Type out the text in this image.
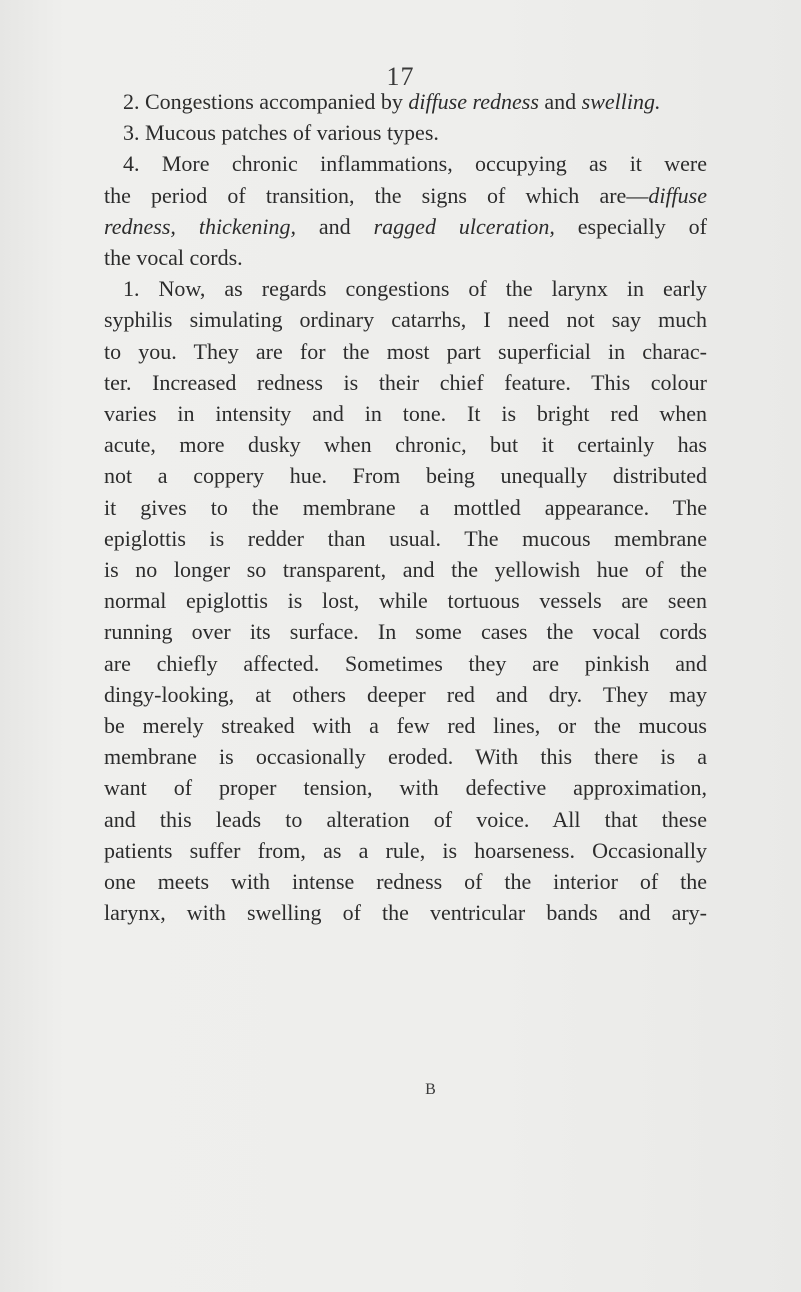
17
2. Congestions accompanied by diffuse redness and swelling.
3. Mucous patches of various types.
4. More chronic inflammations, occupying as it were
the period of transition, the signs of which are—diffuse
redness, thickening, and ragged ulceration, especially of
the vocal cords.
1. Now, as regards congestions of the larynx in early
syphilis simulating ordinary catarrhs, I need not say much
to you. They are for the most part superficial in charac-
ter. Increased redness is their chief feature. This colour
varies in intensity and in tone. It is bright red when
acute, more dusky when chronic, but it certainly has
not a coppery hue. From being unequally distributed
it gives to the membrane a mottled appearance. The
epiglottis is redder than usual. The mucous membrane
is no longer so transparent, and the yellowish hue of the
normal epiglottis is lost, while tortuous vessels are seen
running over its surface. In some cases the vocal cords
are chiefly affected. Sometimes they are pinkish and
dingy-looking, at others deeper red and dry. They may
be merely streaked with a few red lines, or the mucous
membrane is occasionally eroded. With this there is a
want of proper tension, with defective approximation,
and this leads to alteration of voice. All that these
patients suffer from, as a rule, is hoarseness. Occasionally
one meets with intense redness of the interior of the
larynx, with swelling of the ventricular bands and ary-
B
